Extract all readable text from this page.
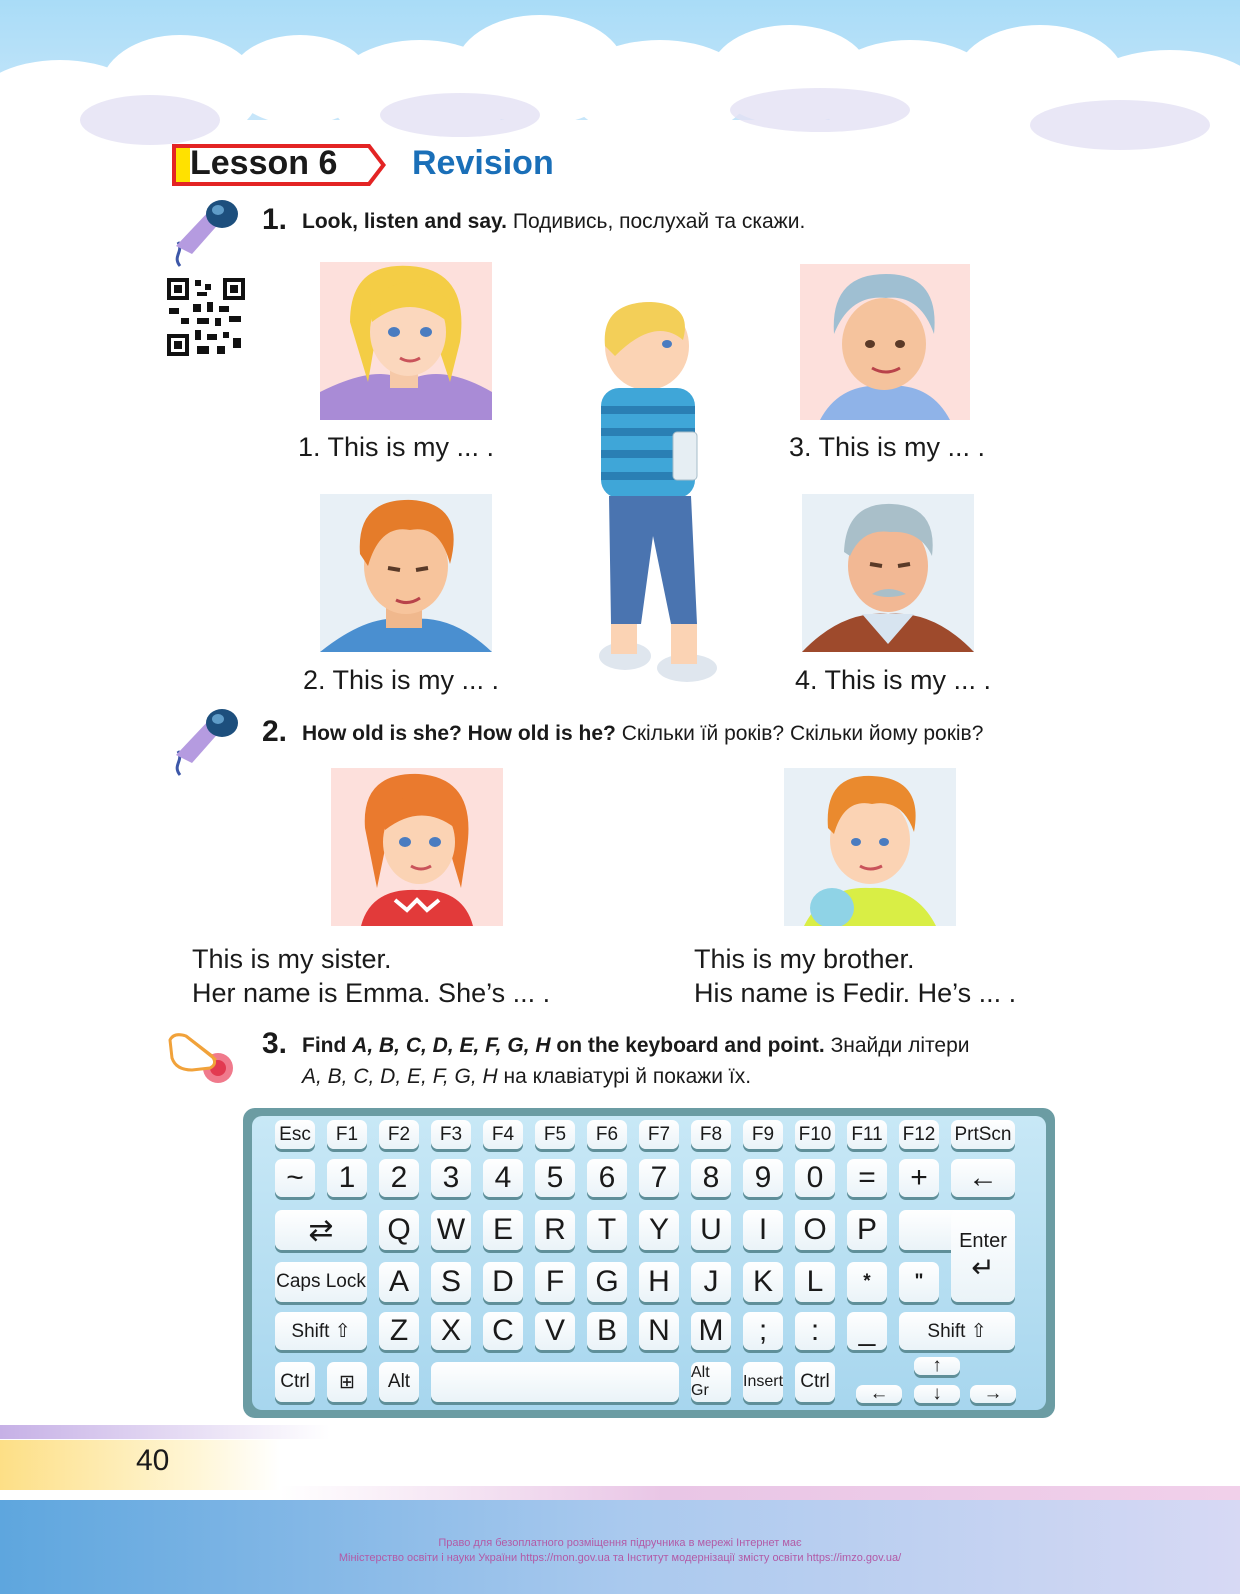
Lesson 6 Revision
1. Look, listen and say. Подивись, послухай та скажи.
1. This is my ... .
2. This is my ... .
3. This is my ... .
4. This is my ... .
2. How old is she? How old is he? Скільки їй років? Скільки йому років?
This is my sister.
Her name is Emma. She’s ... .
This is my brother.
His name is Fedir. He’s ... .
3. Find A, B, C, D, E, F, G, H on the keyboard and point. Знайди літери
A, B, C, D, E, F, G, H на клавіатурі й покажи їх.
Esc	F1	F2	F3	F4	F5	F6	F7	F8	F9	F10 F11 F12 PrtScn
~	1	2	3	4	5	6	7	8	9	0	=	+	←
⇄	Q W E	R	T	Y	U	I	O	P	Enter
↵
Caps Lock A	S	D	F	G H	J	K	L	*	"
Shift ⇧	Z	X	C	V	B	N M	;	:	_	Shift ⇧
Ctrl	⊞	Alt	Alt Gr
Insert Ctrl
↑
←	↓	→
40
Право для безоплатного розміщення підручника в мережі Інтернет має
Міністерство освіти і науки України https://mon.gov.ua та Інститут модернізації змісту освіти https://imzo.gov.ua/
